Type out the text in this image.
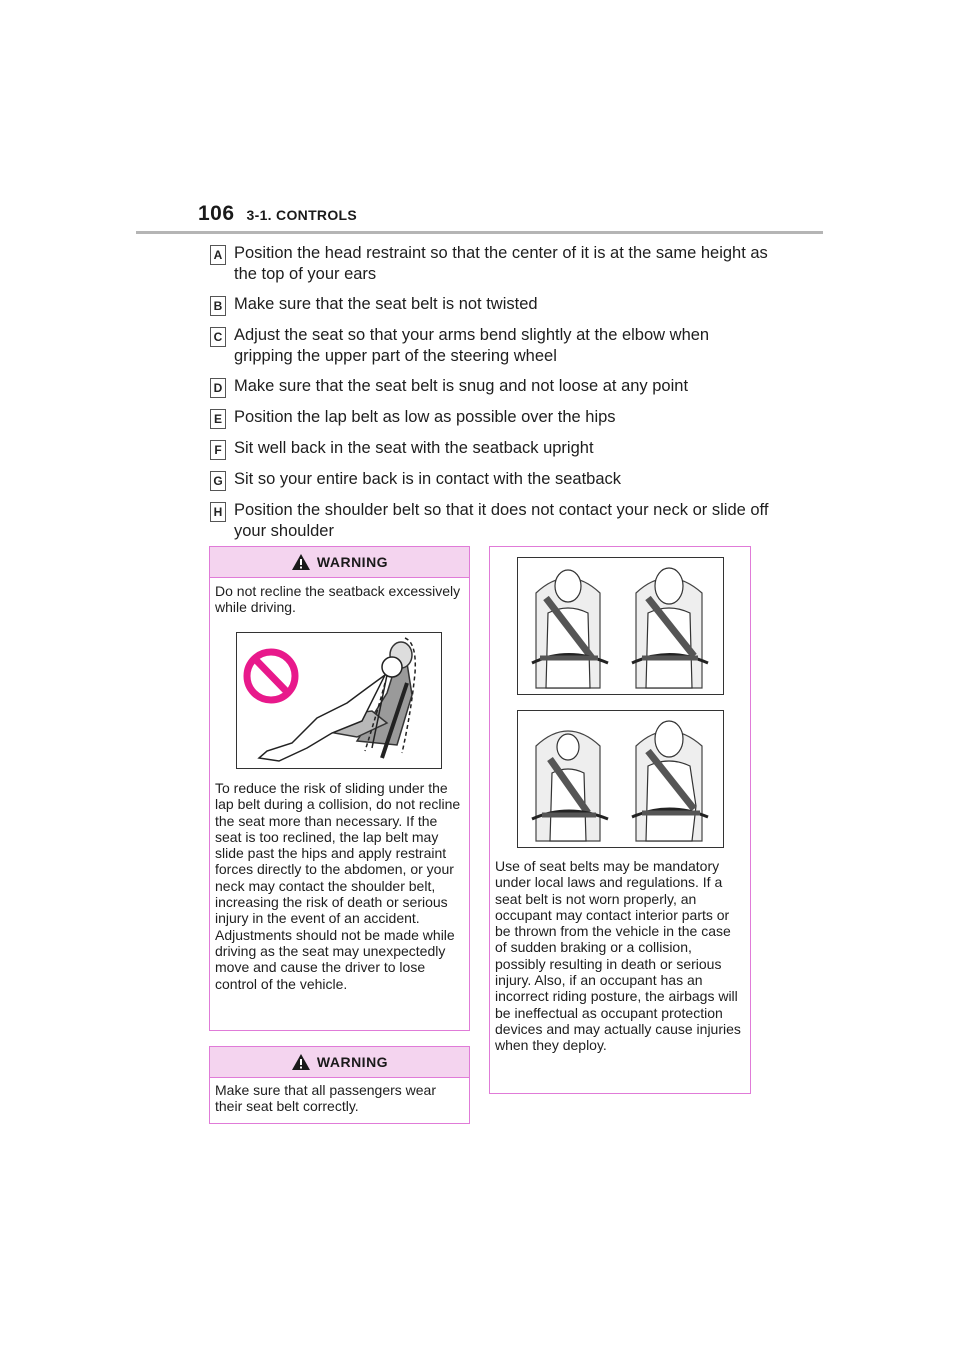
106 3-1. CONTROLS
A Position the head restraint so that the center of it is at the same height as the top of your ears
B Make sure that the seat belt is not twisted
C Adjust the seat so that your arms bend slightly at the elbow when gripping the upper part of the steering wheel
D Make sure that the seat belt is snug and not loose at any point
E Position the lap belt as low as possible over the hips
F Sit well back in the seat with the seatback upright
G Sit so your entire back is in contact with the seatback
H Position the shoulder belt so that it does not contact your neck or slide off your shoulder
WARNING
Do not recline the seatback excessively while driving.
To reduce the risk of sliding under the lap belt during a collision, do not recline the seat more than necessary. If the seat is too reclined, the lap belt may slide past the hips and apply restraint forces directly to the abdomen, or your neck may contact the shoulder belt, increasing the risk of death or serious injury in the event of an accident. Adjustments should not be made while driving as the seat may unexpectedly move and cause the driver to lose control of the vehicle.
WARNING
Make sure that all passengers wear their seat belt correctly.
Use of seat belts may be mandatory under local laws and regulations. If a seat belt is not worn properly, an occupant may contact interior parts or be thrown from the vehicle in the case of sudden braking or a collision, possibly resulting in death or serious injury. Also, if an occupant has an incorrect riding posture, the airbags will be ineffectual as occupant protection devices and may actually cause injuries when they deploy.
